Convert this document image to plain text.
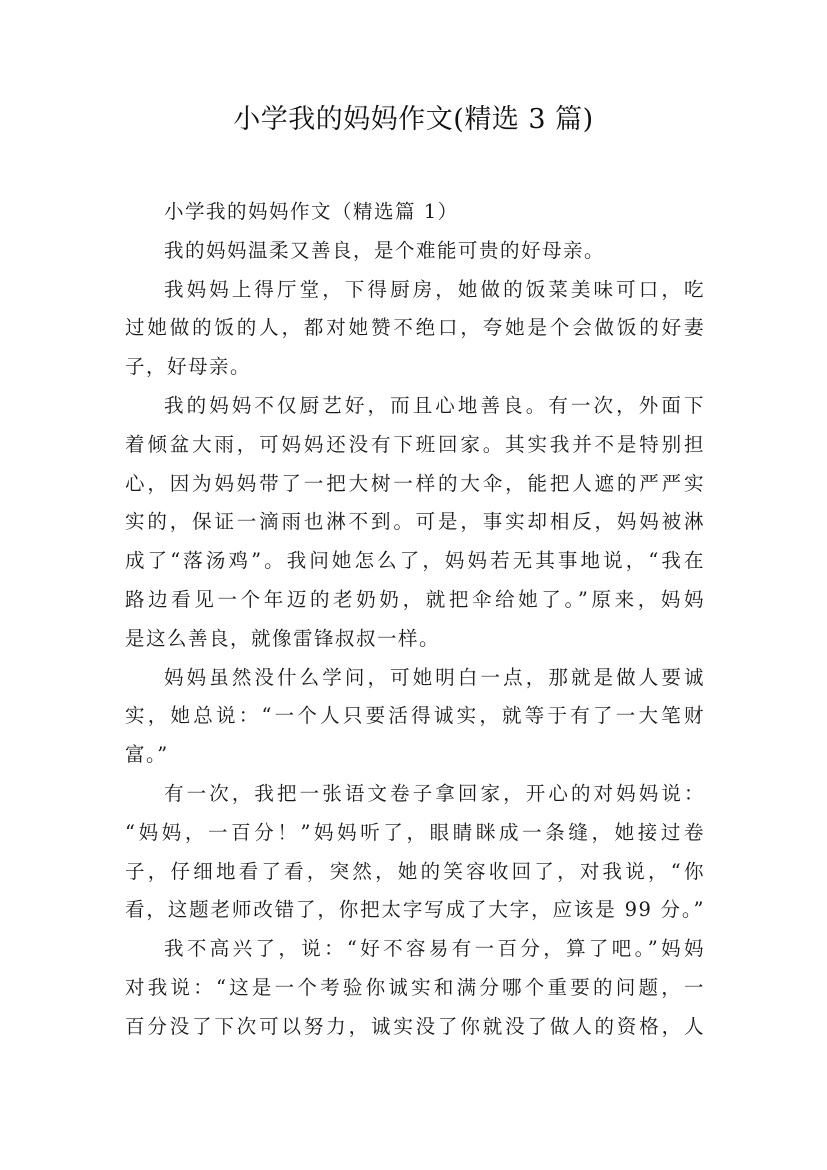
小学我的妈妈作文(精选 3 篇)
小学我的妈妈作文（精选篇 1）
我的妈妈温柔又善良，是个难能可贵的好母亲。
我妈妈上得厅堂，下得厨房，她做的饭菜美味可口，吃
过她做的饭的人，都对她赞不绝口，夸她是个会做饭的好妻
子，好母亲。
我的妈妈不仅厨艺好，而且心地善良。有一次，外面下
着倾盆大雨，可妈妈还没有下班回家。其实我并不是特别担
心，因为妈妈带了一把大树一样的大伞，能把人遮的严严实
实的，保证一滴雨也淋不到。可是，事实却相反，妈妈被淋
成了“落汤鸡”。我问她怎么了，妈妈若无其事地说，“我在
路边看见一个年迈的老奶奶，就把伞给她了。”原来，妈妈
是这么善良，就像雷锋叔叔一样。
妈妈虽然没什么学问，可她明白一点，那就是做人要诚
实，她总说：“一个人只要活得诚实，就等于有了一大笔财
富。”
有一次，我把一张语文卷子拿回家，开心的对妈妈说：
“妈妈，一百分！”妈妈听了，眼睛眯成一条缝，她接过卷
子，仔细地看了看，突然，她的笑容收回了，对我说，“你
看，这题老师改错了，你把太字写成了大字，应该是 99 分。”
我不高兴了，说：“好不容易有一百分，算了吧。”妈妈
对我说：“这是一个考验你诚实和满分哪个重要的问题，一
百分没了下次可以努力，诚实没了你就没了做人的资格，人
